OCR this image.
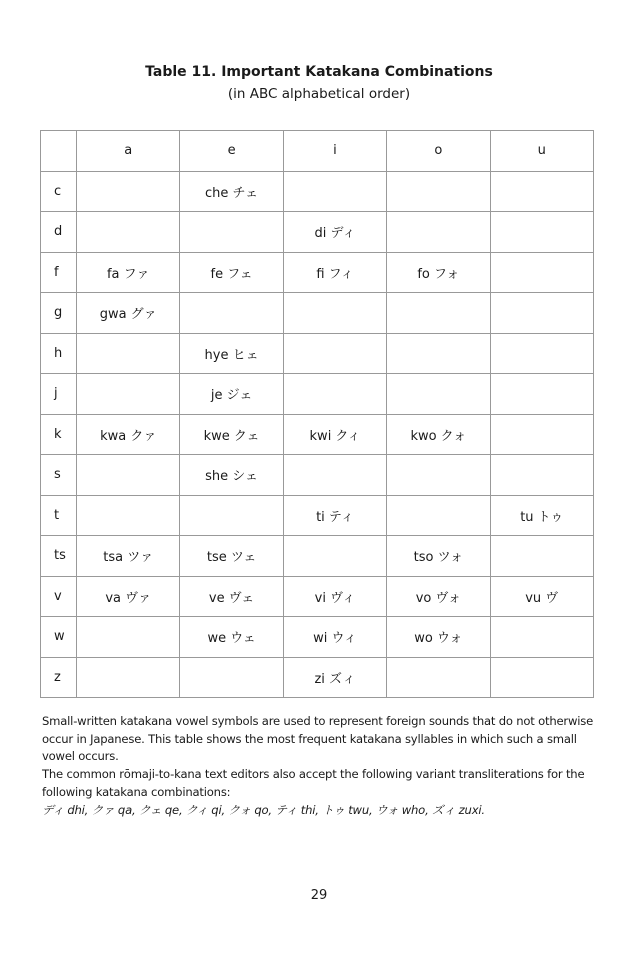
Table 11. Important Katakana Combinations
(in ABC alphabetical order)
	a	e	i	o	u
c		che チェ			
d			di ディ		
f	fa ファ	fe フェ	fi フィ	fo フォ	
g	gwa グァ				
h		hye ヒェ			
j		je ジェ			
k	kwa クァ	kwe クェ	kwi クィ	kwo クォ	
s		she シェ			
t			ti ティ		tu トゥ
ts	tsa ツァ	tse ツェ		tso ツォ	
v	va ヴァ	ve ヴェ	vi ヴィ	vo ヴォ	vu ヴ
w		we ウェ	wi ウィ	wo ウォ	
z			zi ズィ		

Small-written katakana vowel symbols are used to represent foreign sounds that do not otherwise occur in Japanese. This table shows the most frequent katakana syllables in which such a small vowel occurs.

The common rōmaji-to-kana text editors also accept the following variant transliterations for the following katakana combinations:

ディ dhi, クァ qa, クェ qe, クィ qi, クォ qo, ティ thi, トゥ twu, ウォ who, ズィ zuxi.

29
